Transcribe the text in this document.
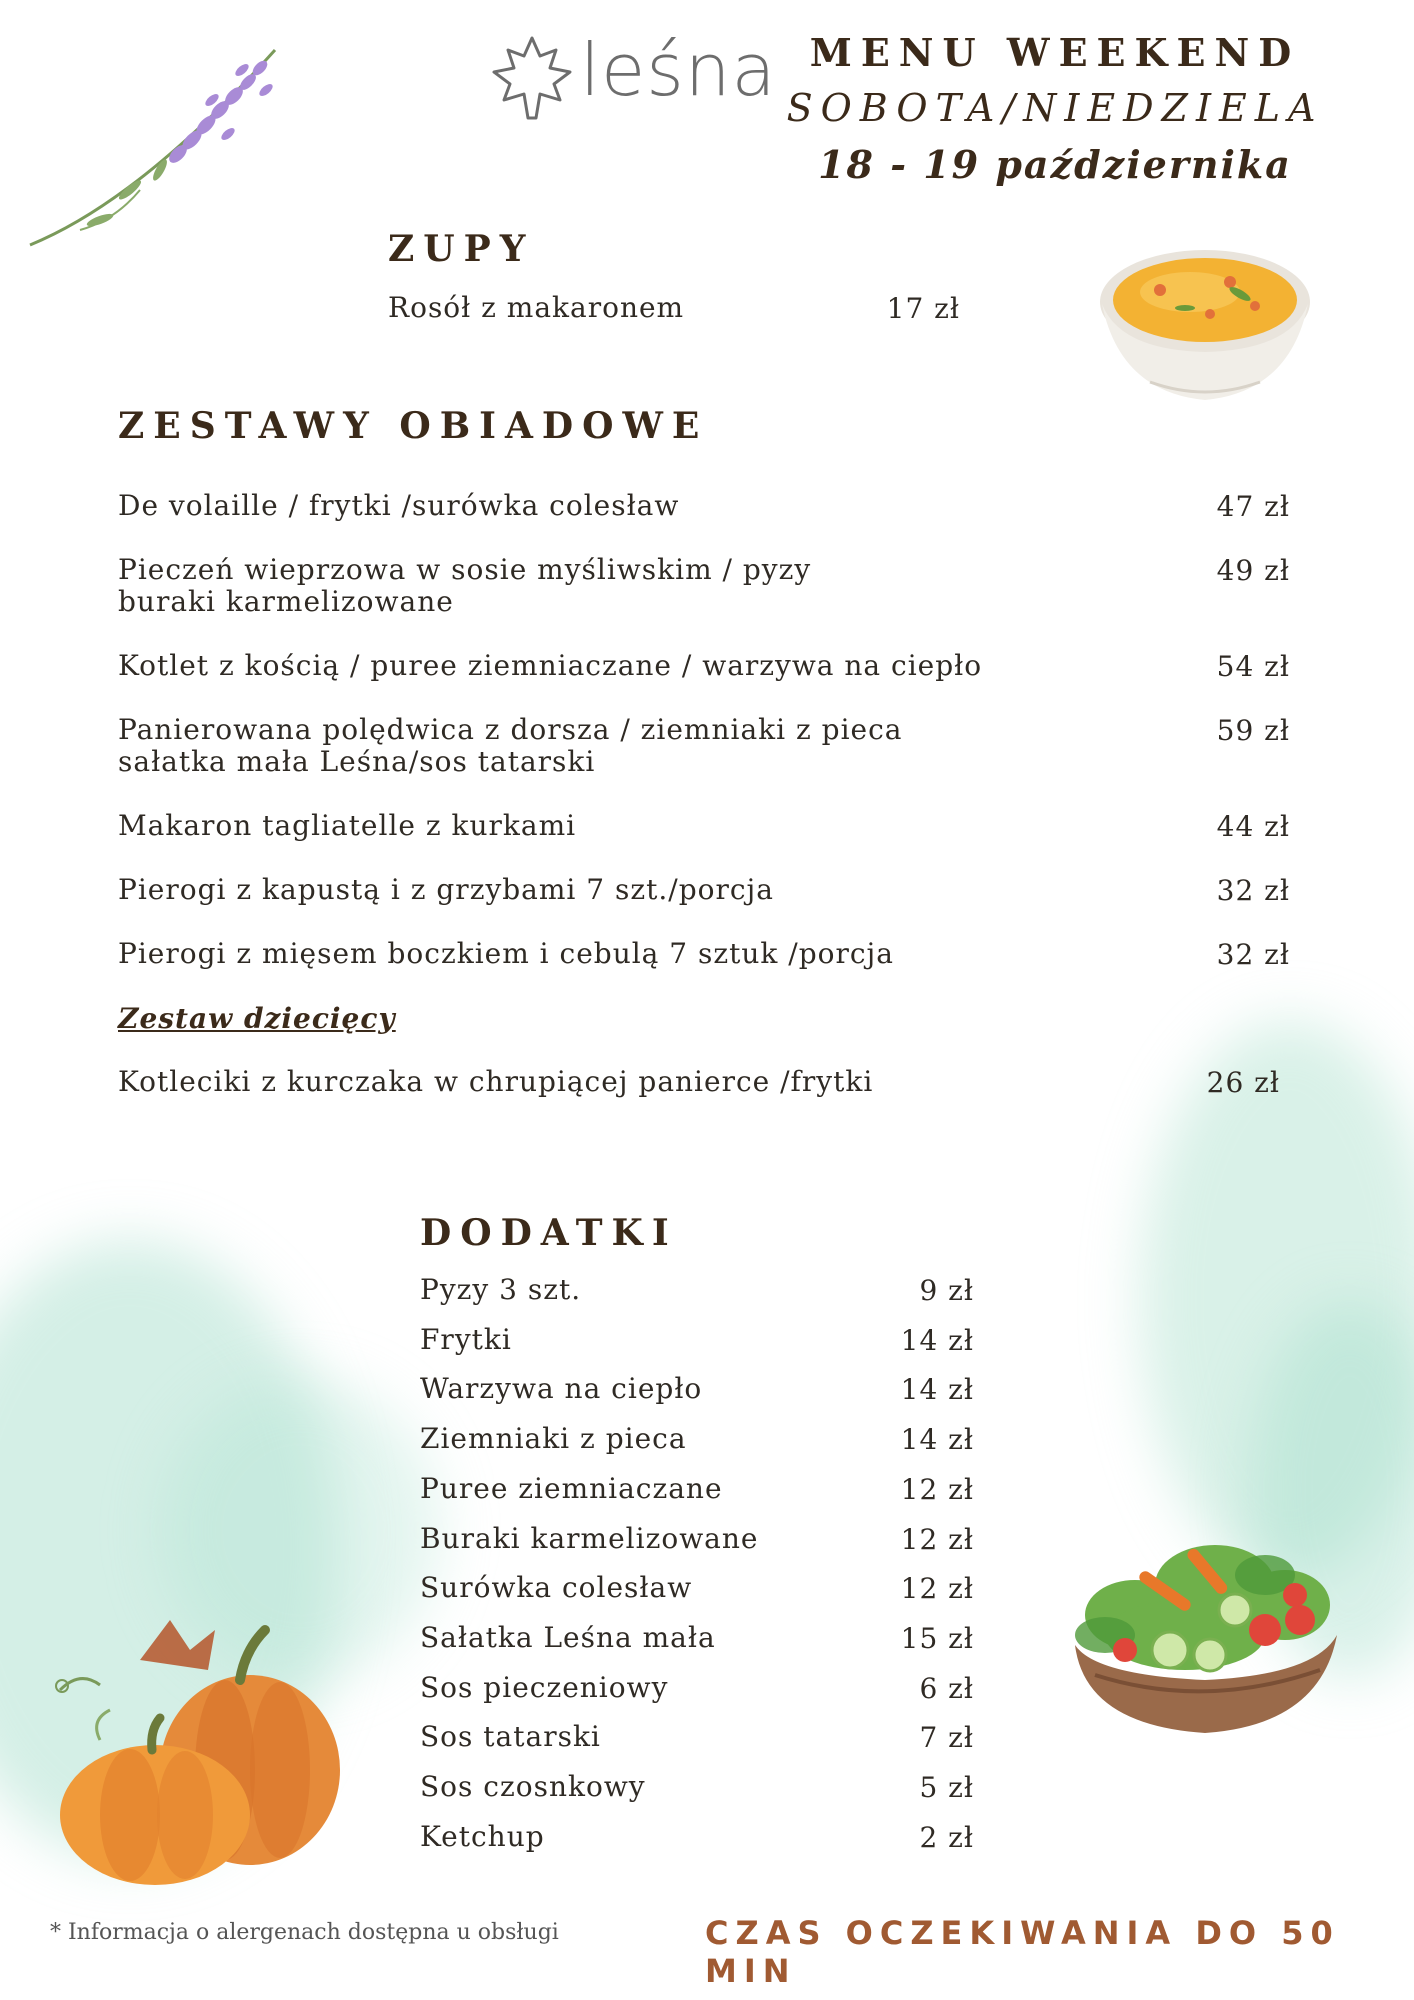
leśna MENU WEEKEND
SOBOTA/NIEDZIELA
18 - 19 października
ZUPY
Rosół z makaronem	17 zł
ZESTAWY OBIADOWE
De volaille / frytki /surówka colesław	47 zł
Pieczeń wieprzowa w sosie myśliwskim / pyzy
buraki karmelizowane
49 zł
Kotlet z kością / puree ziemniaczane / warzywa na ciepło	54 zł
Panierowana polędwica z dorsza / ziemniaki z pieca
sałatka mała Leśna/sos tatarski
59 zł
Makaron tagliatelle z kurkami	44 zł
Pierogi z kapustą i z grzybami 7 szt./porcja	32 zł
Pierogi z mięsem boczkiem i cebulą 7 sztuk /porcja	32 zł
Zestaw dziecięcy
Kotleciki z kurczaka w chrupiącej panierce /frytki	26 zł
DODATKI
Pyzy 3 szt.	9 zł
Frytki	14 zł
Warzywa na ciepło	14 zł
Ziemniaki z pieca	14 zł
Puree ziemniaczane	12 zł
Buraki karmelizowane	12 zł
Surówka colesław	12 zł
Sałatka Leśna mała	15 zł
Sos pieczeniowy	6 zł
Sos tatarski	7 zł
Sos czosnkowy	5 zł
Ketchup	2 zł
* Informacja o alergenach dostępna u obsługi	CZAS OCZEKIWANIA DO 50 MIN
